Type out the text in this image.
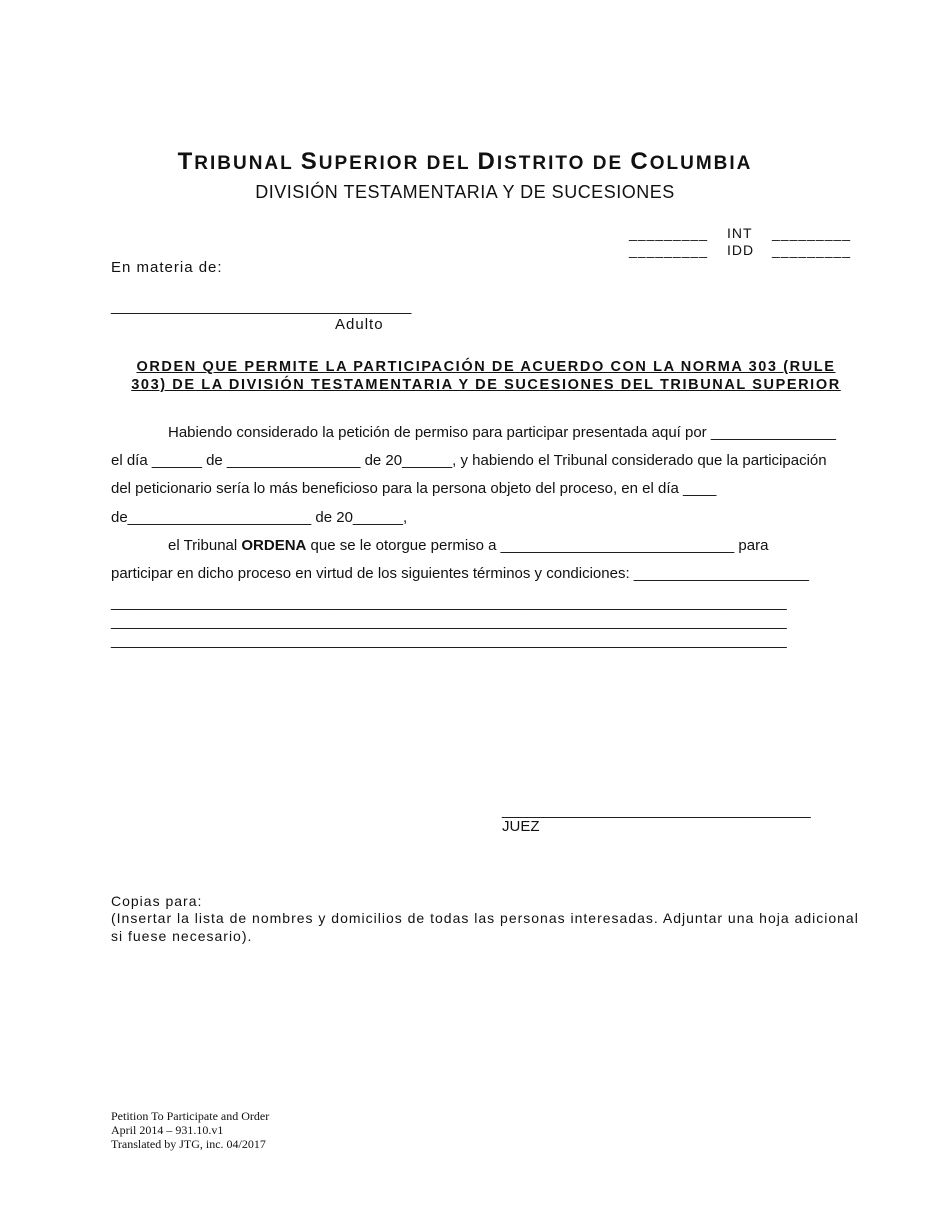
TRIBUNAL SUPERIOR DEL DISTRITO DE COLUMBIA
DIVISIÓN TESTAMENTARIA Y DE SUCESIONES
_________ INT _________
_________ IDD _________
En materia de:
____________________________________
Adulto
ORDEN QUE PERMITE LA PARTICIPACIÓN DE ACUERDO CON LA NORMA 303 (RULE
303) DE LA DIVISIÓN TESTAMENTARIA Y DE SUCESIONES DEL TRIBUNAL SUPERIOR
Habiendo considerado la petición de permiso para participar presentada aquí por _______________
el día ______ de ________________ de 20______, y habiendo el Tribunal considerado que la participación
del peticionario sería lo más beneficioso para la persona objeto del proceso, en el día ____
de______________________ de 20______,
el Tribunal ORDENA que se le otorgue permiso a ____________________________ para
participar en dicho proceso en virtud de los siguientes términos y condiciones: _____________________
_________________________________________________________________________________
_________________________________________________________________________________
_________________________________________________________________________________
_____________________________________
JUEZ
Copias para:
(Insertar la lista de nombres y domicilios de todas las personas interesadas. Adjuntar una hoja adicional
si fuese necesario).
Petition To Participate and Order
April 2014 – 931.10.v1
Translated by JTG, inc. 04/2017
